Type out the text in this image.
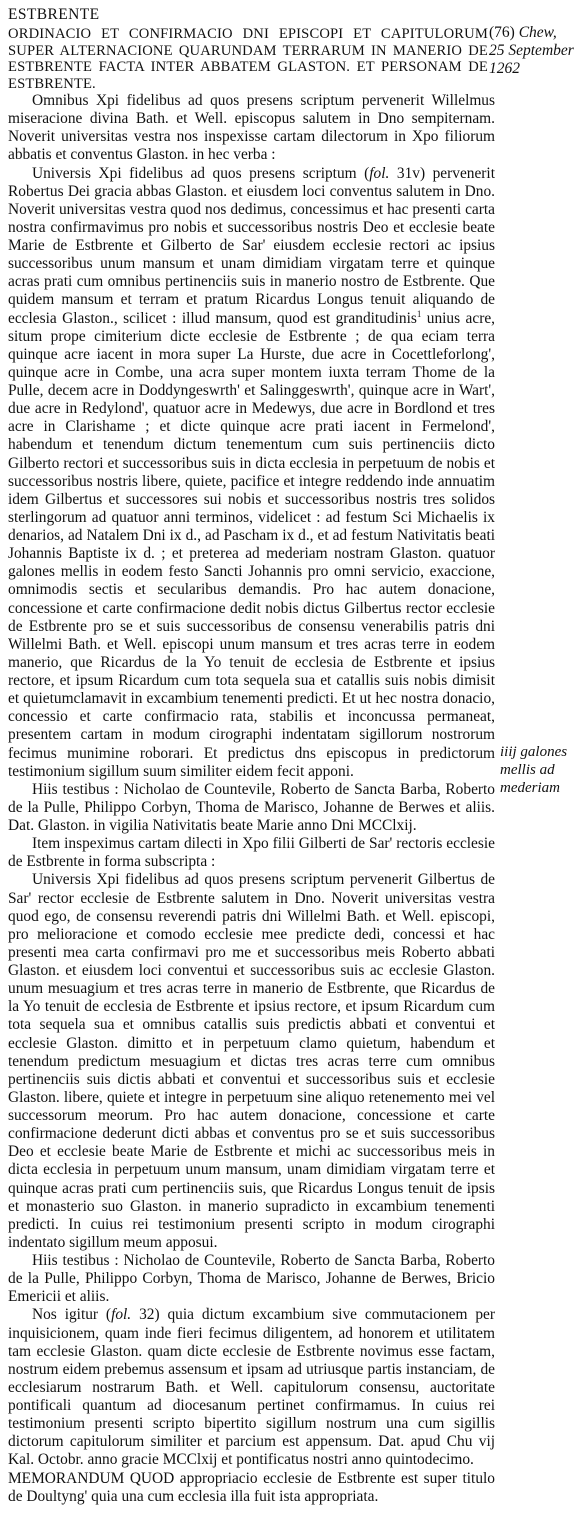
ESTBRENTE
ORDINACIO ET CONFIRMACIO DNI EPISCOPI ET CAPITULORUM SUPER ALTERNACIONE QUARUNDAM TERRARUM IN MANERIO DE ESTBRENTE FACTA INTER ABBATEM GLASTON. ET PERSONAM DE ESTBRENTE.
(76) Chew,
25 September
1262

Omnibus Xpi fidelibus ad quos presens scriptum pervenerit Willelmus miseracione divina Bath. et Well. episcopus salutem in Dno sempiternam. Noverit universitas vestra nos inspexisse cartam dilectorum in Xpo filiorum abbatis et conventus Glaston. in hec verba :

Universis Xpi fidelibus ad quos presens scriptum (fol. 31v) pervenerit Robertus Dei gracia abbas Glaston. et eiusdem loci conventus salutem in Dno. Noverit universitas vestra quod nos dedimus, concessimus et hac presenti carta nostra confirmavimus pro nobis et successoribus nostris Deo et ecclesie beate Marie de Estbrente et Gilberto de Sar' eiusdem ecclesie rectori ac ipsius successoribus unum mansum et unam dimidiam virgatam terre et quinque acras prati cum omnibus pertinenciis suis in manerio nostro de Estbrente. Que quidem mansum et terram et pratum Ricardus Longus tenuit aliquando de ecclesia Glaston., scilicet : illud mansum, quod est granditudinis$^1$ unius acre, situm prope cimiterium dicte ecclesie de Estbrente ; de qua eciam terra quinque acre iacent in mora super La Hurste, due acre in Cocettleforlong', quinque acre in Combe, una acra super montem iuxta terram Thome de la Pulle, decem acre in Doddyngeswrth' et Salinggeswrth', quinque acre in Wart', due acre in Redylond', quatuor acre in Medewys, due acre in Bordlond et tres acre in Clarishame ; et dicte quinque acre prati iacent in Fermelond', habendum et tenendum dictum tenementum cum suis pertinenciis dicto Gilberto rectori et successoribus suis in dicta ecclesia in perpetuum de nobis et successoribus nostris libere, quiete, pacifice et integre reddendo inde annuatim idem Gilbertus et successores sui nobis et successoribus nostris tres solidos sterlingorum ad quatuor anni terminos, videlicet : ad festum Sci Michaelis ix denarios, ad Natalem Dni ix d., ad Pascham ix d., et ad festum Nativitatis beati Johannis Baptiste ix d. ; et preterea ad mederiam nostram Glaston. quatuor galones mellis in eodem festo Sancti Johannis pro omni servicio, exaccione, omnimodis sectis et secularibus demandis. Pro hac autem donacione, concessione et carte confirmacione dedit nobis dictus Gilbertus rector ecclesie de Estbrente pro se et suis successoribus de consensu venerabilis patris dni Willelmi Bath. et Well. episcopi unum mansum et tres acras terre in eodem manerio, que Ricardus de la Yo tenuit de ecclesia de Estbrente et ipsius rectore, et ipsum Ricardum cum tota sequela sua et catallis suis nobis dimisit et quietumclamavit in excambium tenementi predicti. Et ut hec nostra donacio, concessio et carte confirmacio rata, stabilis et inconcussa permaneat, presentem cartam in modum cirographi indentatam sigillorum nostrorum fecimus munimine roborari. Et predictus dns episcopus in predictorum testimonium sigillum suum similiter eidem fecit apponi.

Hiis testibus : Nicholao de Countevile, Roberto de Sancta Barba, Roberto de la Pulle, Philippo Corbyn, Thoma de Marisco, Johanne de Berwes et aliis. Dat. Glaston. in vigilia Nativitatis beate Marie anno Dni MCClxij.

Item inspeximus cartam dilecti in Xpo filii Gilberti de Sar' rectoris ecclesie de Estbrente in forma subscripta :

Universis Xpi fidelibus ad quos presens scriptum pervenerit Gilbertus de Sar' rector ecclesie de Estbrente salutem in Dno. Noverit universitas vestra quod ego, de consensu reverendi patris dni Willelmi Bath. et Well. episcopi, pro melioracione et comodo ecclesie mee predicte dedi, concessi et hac presenti mea carta confirmavi pro me et successoribus meis Roberto abbati Glaston. et eiusdem loci conventui et successoribus suis ac ecclesie Glaston. unum mesuagium et tres acras terre in manerio de Estbrente, que Ricardus de la Yo tenuit de ecclesia de Estbrente et ipsius rectore, et ipsum Ricardum cum tota sequela sua et omnibus catallis suis predictis abbati et conventui et ecclesie Glaston. dimitto et in perpetuum clamo quietum, habendum et tenendum predictum mesuagium et dictas tres acras terre cum omnibus pertinenciis suis dictis abbati et conventui et successoribus suis et ecclesie Glaston. libere, quiete et integre in perpetuum sine aliquo retenemento mei vel successorum meorum. Pro hac autem donacione, concessione et carte confirmacione dederunt dicti abbas et conventus pro se et suis successoribus Deo et ecclesie beate Marie de Estbrente et michi ac successoribus meis in dicta ecclesia in perpetuum unum mansum, unam dimidiam virgatam terre et quinque acras prati cum pertinenciis suis, que Ricardus Longus tenuit de ipsis et monasterio suo Glaston. in manerio supradicto in excambium tenementi predicti. In cuius rei testimonium presenti scripto in modum cirographi indentato sigillum meum apposui.

Hiis testibus : Nicholao de Countevile, Roberto de Sancta Barba, Roberto de la Pulle, Philippo Corbyn, Thoma de Marisco, Johanne de Berwes, Bricio Emericii et aliis.

Nos igitur (fol. 32) quia dictum excambium sive commutacionem per inquisicionem, quam inde fieri fecimus diligentem, ad honorem et utilitatem tam ecclesie Glaston. quam dicte ecclesie de Estbrente novimus esse factam, nostrum eidem prebemus assensum et ipsam ad utriusque partis instanciam, de ecclesiarum nostrarum Bath. et Well. capitulorum consensu, auctoritate pontificali quantum ad diocesanum pertinet confirmamus. In cuius rei testimonium presenti scripto bipertito sigillum nostrum una cum sigillis dictorum capitulorum similiter et parcium est appensum. Dat. apud Chu vij Kal. Octobr. anno gracie MCClxij et pontificatus nostri anno quintodecimo.

MEMORANDUM QUOD appropriacio ecclesie de Estbrente est super titulo de Doultyng' quia una cum ecclesia illa fuit ista appropriata.

iiij galones
mellis ad
mederiam
